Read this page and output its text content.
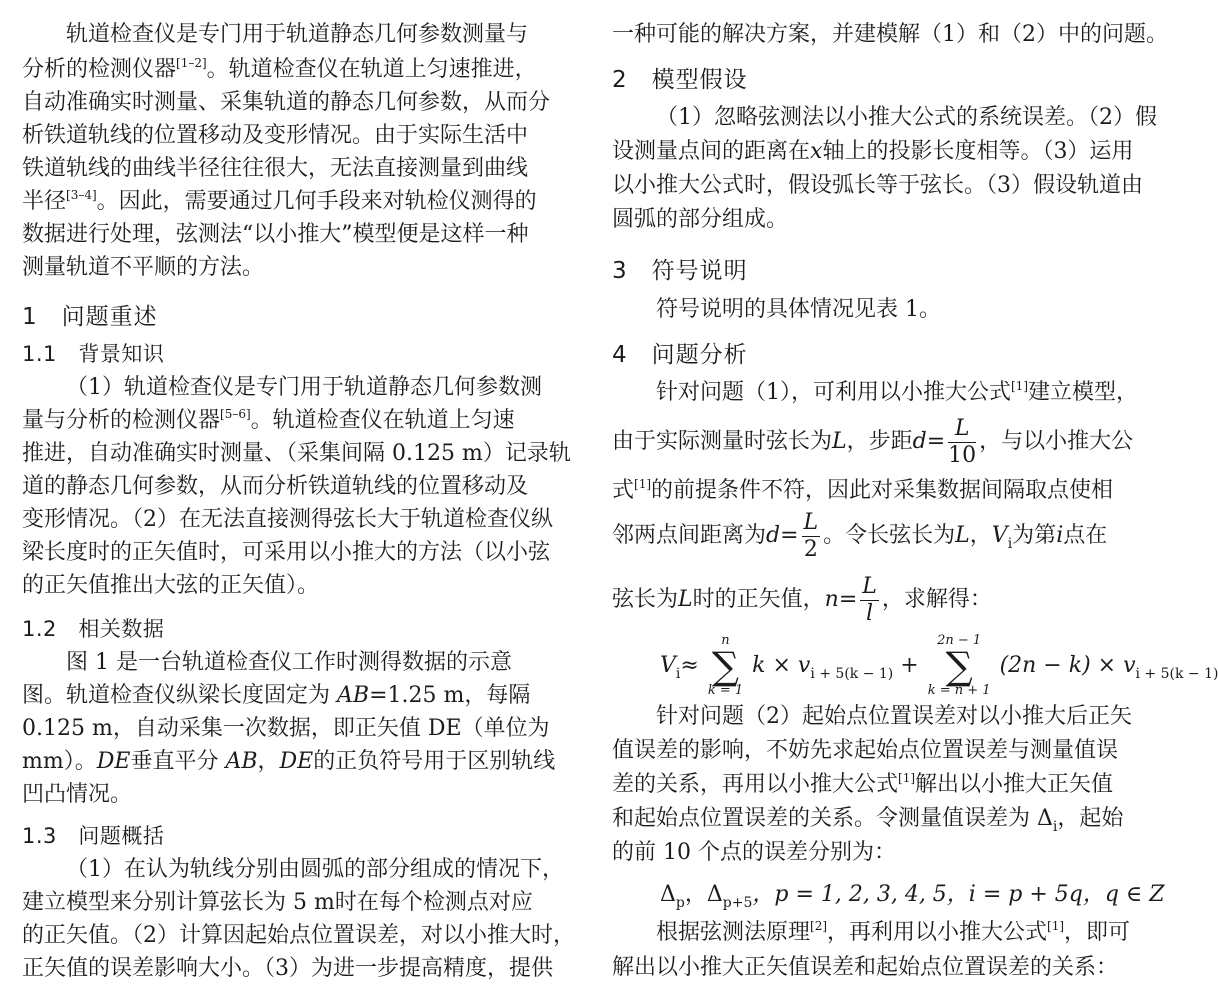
轨道检查仪是专门用于轨道静态几何参数测量与
分析的检测仪器[1–2]。轨道检查仪在轨道上匀速推进，
自动准确实时测量、采集轨道的静态几何参数，从而分
析铁道轨线的位置移动及变形情况。由于实际生活中
铁道轨线的曲线半径往往很大，无法直接测量到曲线
半径[3–4]。因此，需要通过几何手段来对轨检仪测得的
数据进行处理，弦测法“以小推大”模型便是这样一种
测量轨道不平顺的方法。
1　问题重述
1.1　背景知识
（1）轨道检查仪是专门用于轨道静态几何参数测
量与分析的检测仪器[5–6]。轨道检查仪在轨道上匀速
推进，自动准确实时测量、（采集间隔 0.125 m）记录轨
道的静态几何参数，从而分析铁道轨线的位置移动及
变形情况。（2）在无法直接测得弦长大于轨道检查仪纵
梁长度时的正矢值时，可采用以小推大的方法（以小弦
的正矢值推出大弦的正矢值）。
1.2　相关数据
图 1 是一台轨道检查仪工作时测得数据的示意
图。轨道检查仪纵梁长度固定为 AB=1.25 m，每隔
0.125 m，自动采集一次数据，即正矢值 DE（单位为
mm）。DE垂直平分 AB，DE的正负符号用于区别轨线
凹凸情况。
1.3　问题概括
（1）在认为轨线分别由圆弧的部分组成的情况下，
建立模型来分别计算弦长为 5 m时在每个检测点对应
的正矢值。（2）计算因起始点位置误差，对以小推大时，
正矢值的误差影响大小。（3）为进一步提高精度，提供
一种可能的解决方案，并建模解（1）和（2）中的问题。
2　模型假设
（1）忽略弦测法以小推大公式的系统误差。（2）假
设测量点间的距离在x轴上的投影长度相等。（3）运用
以小推大公式时，假设弧长等于弦长。（3）假设轨道由
圆弧的部分组成。
3　符号说明
符号说明的具体情况见表 1。
4　问题分析
针对问题（1），可利用以小推大公式[1]建立模型，
由于实际测量时弦长为L，步距$d= \frac{L}{10}$ ，与以小推大公
式[1]的前提条件不符，因此对采集数据间隔取点使相
邻两点间距离为$d= \frac{L}{2}$ 。令长弦长为L，$V_i$为第i点在
弦长为L时的正矢值，$n= \frac{L}{l}$ ，求解得：
$V_i\approx$
n
∑
k = 1
$k \times v_{i + 5(k - 1)}$ +
2n − 1
∑
k = n + 1
$(2n - k) \times v_{i + 5(k - 1)}$
针对问题（2）起始点位置误差对以小推大后正矢
值误差的影响，不妨先求起始点位置误差与测量值误
差的关系，再用以小推大公式[1]解出以小推大正矢值
和起始点位置误差的关系。令测量值误差为 $\Delta_i$，起始
的前 10 个点的误差分别为：
$\Delta_p$，$\Delta_{p+5}$，p = 1, 2, 3, 4, 5，i = p + 5q，q ∈ Z
根据弦测法原理[2]，再利用以小推大公式[1]，即可
解出以小推大正矢值误差和起始点位置误差的关系：
